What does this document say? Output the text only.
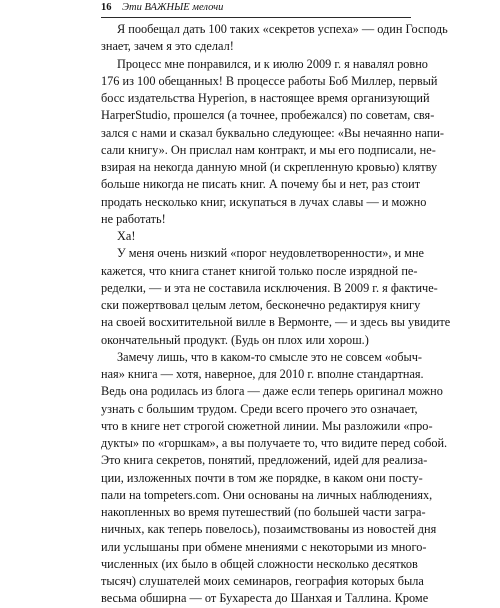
16 Эти ВАЖНЫЕ мелочи
Я пообещал дать 100 таких «секретов успеха» — один Господь
знает, зачем я это сделал!
Процесс мне понравился, и к июлю 2009 г. я навалял ровно
176 из 100 обещанных! В процессе работы Боб Миллер, первый
босс издательства Hyperion, в настоящее время организующий
HarperStudio, прошелся (а точнее, пробежался) по советам, свя-
зался с нами и сказал буквально следующее: «Вы нечаянно напи-
сали книгу». Он прислал нам контракт, и мы его подписали, не-
взирая на некогда данную мной (и скрепленную кровью) клятву
больше никогда не писать книг. А почему бы и нет, раз стоит
продать несколько книг, искупаться в лучах славы — и можно
не работать!
Ха!
У меня очень низкий «порог неудовлетворенности», и мне
кажется, что книга станет книгой только после изрядной пе-
ределки, — и эта не составила исключения. В 2009 г. я фактиче-
ски пожертвовал целым летом, бесконечно редактируя книгу
на своей восхитительной вилле в Вермонте, — и здесь вы увидите
окончательный продукт. (Будь он плох или хорош.)
Замечу лишь, что в каком-то смысле это не совсем «обыч-
ная» книга — хотя, наверное, для 2010 г. вполне стандартная.
Ведь она родилась из блога — даже если теперь оригинал можно
узнать с большим трудом. Среди всего прочего это означает,
что в книге нет строгой сюжетной линии. Мы разложили «про-
дукты» по «горшкам», а вы получаете то, что видите перед собой.
Это книга секретов, понятий, предложений, идей для реализа-
ции, изложенных почти в том же порядке, в каком они посту-
пали на tompeters.com. Они основаны на личных наблюдениях,
накопленных во время путешествий (по большей части загра-
ничных, как теперь повелось), позаимствованы из новостей дня
или услышаны при обмене мнениями с некоторыми из много-
численных (их было в общей сложности несколько десятков
тысяч) слушателей моих семинаров, география которых была
весьма обширна — от Бухареста до Шанхая и Таллина. Кроме
